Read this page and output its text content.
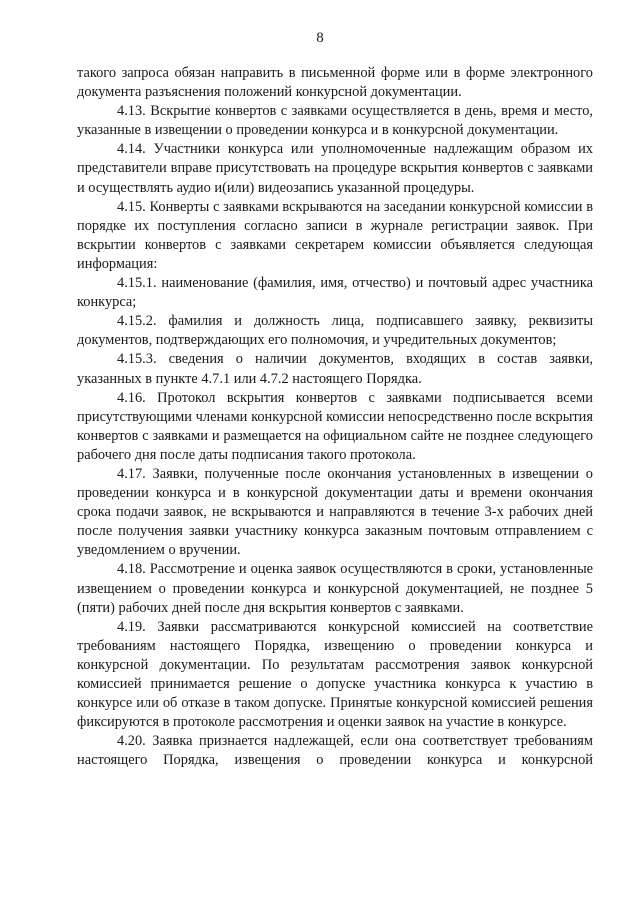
8

такого запроса обязан направить в письменной форме или в форме электронного документа разъяснения положений конкурсной документации.

4.13. Вскрытие конвертов с заявками осуществляется в день, время и место, указанные в извещении о проведении конкурса и в конкурсной документации.

4.14. Участники конкурса или уполномоченные надлежащим образом их представители вправе присутствовать на процедуре вскрытия конвертов с заявками и осуществлять аудио и(или) видеозапись указанной процедуры.

4.15. Конверты с заявками вскрываются на заседании конкурсной комиссии в порядке их поступления согласно записи в журнале регистрации заявок. При вскрытии конвертов с заявками секретарем комиссии объявляется следующая информация:

4.15.1. наименование (фамилия, имя, отчество) и почтовый адрес участника конкурса;

4.15.2. фамилия и должность лица, подписавшего заявку, реквизиты документов, подтверждающих его полномочия, и учредительных документов;

4.15.3. сведения о наличии документов, входящих в состав заявки, указанных в пункте 4.7.1 или 4.7.2 настоящего Порядка.

4.16. Протокол вскрытия конвертов с заявками подписывается всеми присутствующими членами конкурсной комиссии непосредственно после вскрытия конвертов с заявками и размещается на официальном сайте не позднее следующего рабочего дня после даты подписания такого протокола.

4.17. Заявки, полученные после окончания установленных в извещении о проведении конкурса и в конкурсной документации даты и времени окончания срока подачи заявок, не вскрываются и направляются в течение 3-х рабочих дней после получения заявки участнику конкурса заказным почтовым отправлением с уведомлением о вручении.

4.18. Рассмотрение и оценка заявок осуществляются в сроки, установленные извещением о проведении конкурса и конкурсной документацией, не позднее 5 (пяти) рабочих дней после дня вскрытия конвертов с заявками.

4.19. Заявки рассматриваются конкурсной комиссией на соответствие требованиям настоящего Порядка, извещению о проведении конкурса и конкурсной документации. По результатам рассмотрения заявок конкурсной комиссией принимается решение о допуске участника конкурса к участию в конкурсе или об отказе в таком допуске. Принятые конкурсной комиссией решения фиксируются в протоколе рассмотрения и оценки заявок на участие в конкурсе.

4.20. Заявка признается надлежащей, если она соответствует требованиям настоящего Порядка, извещения о проведении конкурса и конкурсной
